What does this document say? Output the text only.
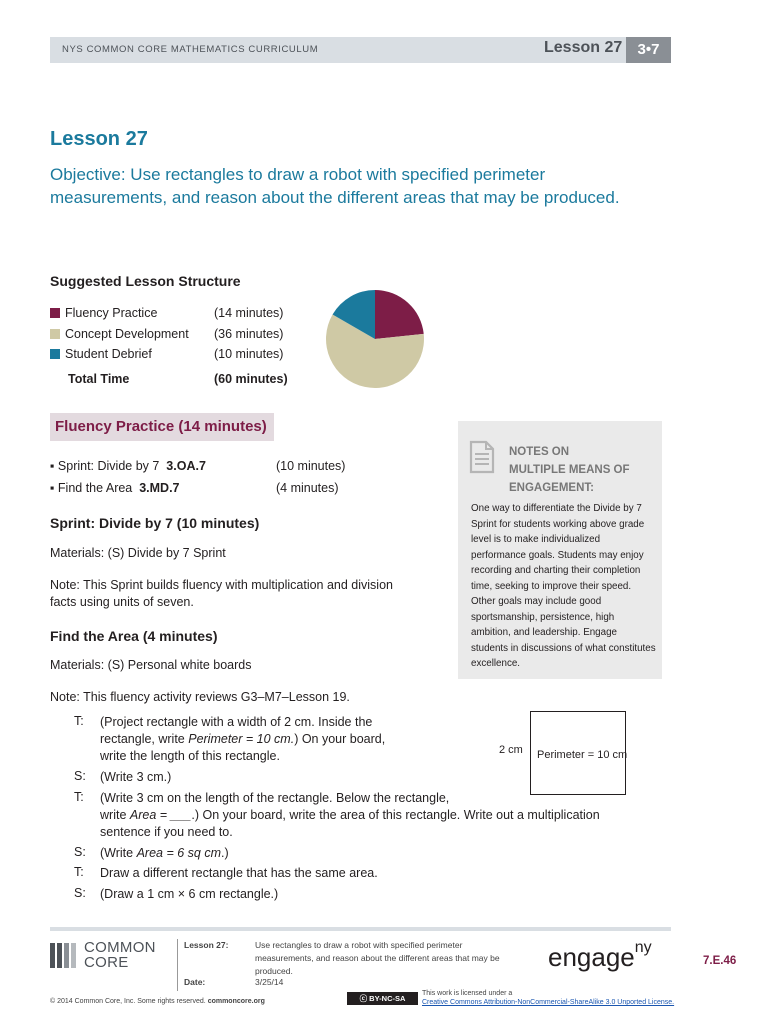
NYS COMMON CORE MATHEMATICS CURRICULUM	Lesson 27	3•7
Lesson 27
Objective: Use rectangles to draw a robot with specified perimeter measurements, and reason about the different areas that may be produced.
Suggested Lesson Structure
Fluency Practice	(14 minutes)
Concept Development (36 minutes)
Student Debrief	(10 minutes)
Total Time	(60 minutes)
Fluency Practice (14 minutes)
▪ Sprint: Divide by 7 3.OA.7	(10 minutes)
▪ Find the Area 3.MD.7	(4 minutes)
Sprint: Divide by 7 (10 minutes)
Materials: (S) Divide by 7 Sprint
Note: This Sprint builds fluency with multiplication and division
facts using units of seven.
Find the Area (4 minutes)
Materials: (S) Personal white boards
Note: This fluency activity reviews G3–M7–Lesson 19.
NOTES ON
MULTIPLE MEANS OF
ENGAGEMENT:
One way to differentiate the Divide by 7 Sprint for students working above grade level is to make individualized performance goals. Students may enjoy recording and charting their completion time, seeking to improve their speed. Other goals may include good sportsmanship, persistence, high ambition, and leadership. Engage students in discussions of what constitutes excellence.
T: (Project rectangle with a width of 2 cm. Inside the
rectangle, write Perimeter = 10 cm.) On your board,
write the length of this rectangle.
S: (Write 3 cm.)
T: (Write 3 cm on the length of the rectangle. Below the rectangle,
write Area = ___.) On your board, write the area of this rectangle. Write out a multiplication
sentence if you need to.
S: (Write Area = 6 sq cm.)
T: Draw a different rectangle that has the same area.
S: (Draw a 1 cm × 6 cm rectangle.)
2 cm Perimeter = 10 cm
COMMON
CORE
Lesson 27:	Use rectangles to draw a robot with specified perimeter
measurements, and reason about the different areas that may be
produced.
Date:	3/25/14
engage$^{ny}$
7.E.46
© 2014 Common Core, Inc. Some rights reserved. commoncore.org	ⓒ BY-NC-SA
This work is licensed under a
Creative Commons Attribution-NonCommercial-ShareAlike 3.0 Unported License.
